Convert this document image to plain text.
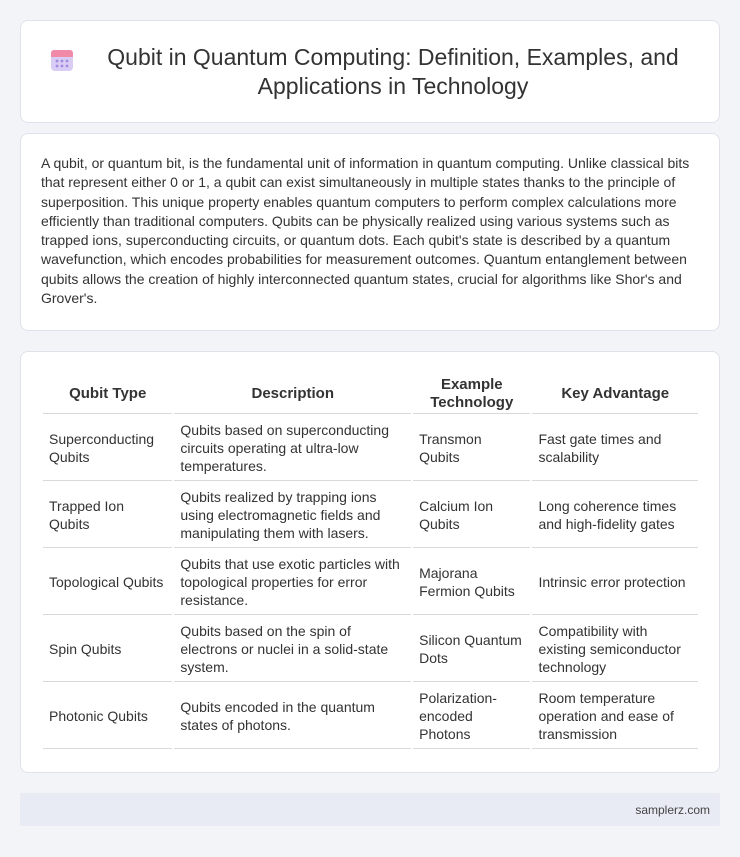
Qubit in Quantum Computing: Definition, Examples, and Applications in Technology

A qubit, or quantum bit, is the fundamental unit of information in quantum computing. Unlike classical bits that represent either 0 or 1, a qubit can exist simultaneously in multiple states thanks to the principle of superposition. This unique property enables quantum computers to perform complex calculations more efficiently than traditional computers. Qubits can be physically realized using various systems such as trapped ions, superconducting circuits, or quantum dots. Each qubit's state is described by a quantum wavefunction, which encodes probabilities for measurement outcomes. Quantum entanglement between qubits allows the creation of highly interconnected quantum states, crucial for algorithms like Shor's and Grover's.

Qubit Type	Description	Example Technology	Key Advantage
Superconducting Qubits	Qubits based on superconducting circuits operating at ultra-low temperatures.	Transmon Qubits	Fast gate times and scalability
Trapped Ion Qubits	Qubits realized by trapping ions using electromagnetic fields and manipulating them with lasers.	Calcium Ion Qubits	Long coherence times and high-fidelity gates
Topological Qubits	Qubits that use exotic particles with topological properties for error resistance.	Majorana Fermion Qubits	Intrinsic error protection
Spin Qubits	Qubits based on the spin of electrons or nuclei in a solid-state system.	Silicon Quantum Dots	Compatibility with existing semiconductor technology
Photonic Qubits	Qubits encoded in the quantum states of photons.	Polarization-encoded Photons	Room temperature operation and ease of transmission
samplerz.com
